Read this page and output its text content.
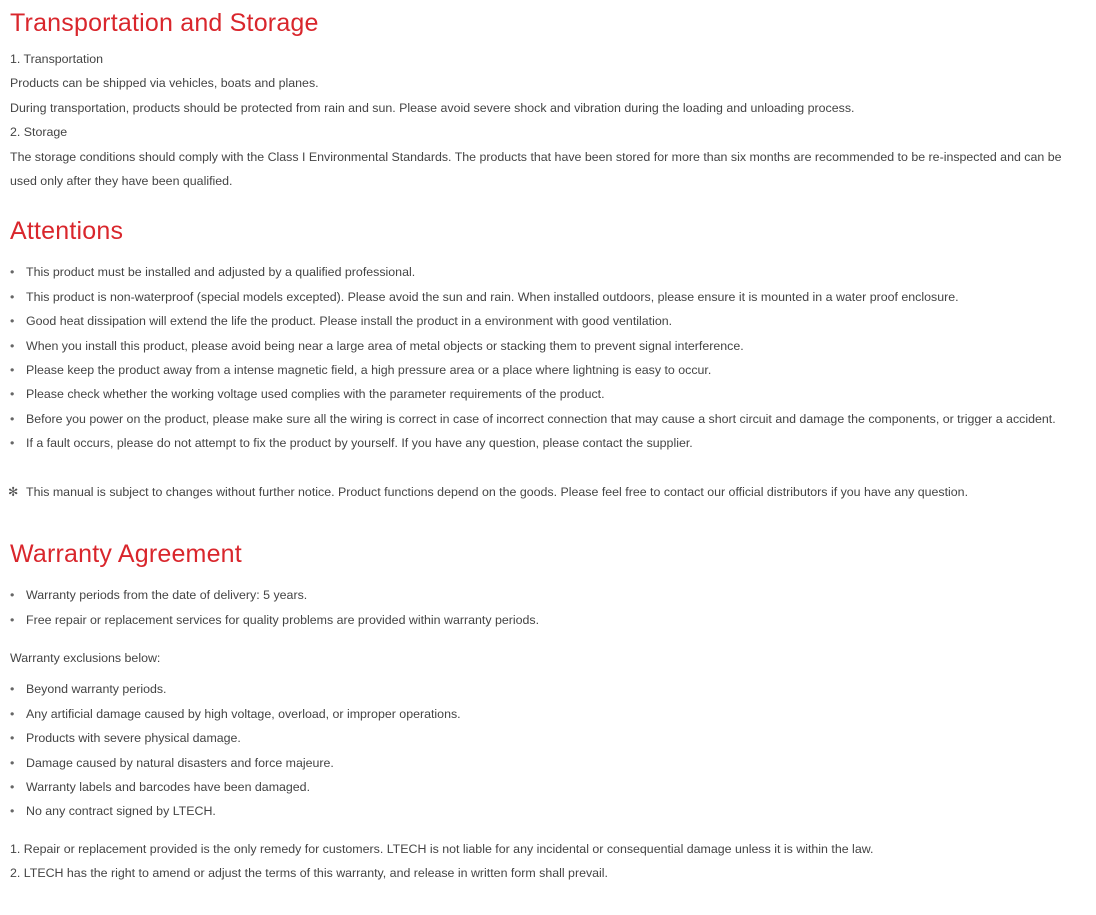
Transportation and Storage

1. Transportation

Products can be shipped via vehicles, boats and planes.

During transportation, products should be protected from rain and sun. Please avoid severe shock and vibration during the loading and unloading process.

2. Storage

The storage conditions should comply with the Class I Environmental Standards. The products that have been stored for more than six months are recommended to be re-inspected and can be used only after they have been qualified.

Attentions
• This product must be installed and adjusted by a qualified professional.
• This product is non-waterproof (special models excepted). Please avoid the sun and rain. When installed outdoors, please ensure it is mounted in a water proof enclosure.
• Good heat dissipation will extend the life the product. Please install the product in a environment with good ventilation.
• When you install this product, please avoid being near a large area of metal objects or stacking them to prevent signal interference.
• Please keep the product away from a intense magnetic field, a high pressure area or a place where lightning is easy to occur.
• Please check whether the working voltage used complies with the parameter requirements of the product.
• Before you power on the product, please make sure all the wiring is correct in case of incorrect connection that may cause a short circuit and damage the components, or trigger a accident.
• If a fault occurs, please do not attempt to fix the product by yourself. If you have any question, please contact the supplier.
✻ This manual is subject to changes without further notice. Product functions depend on the goods. Please feel free to contact our official distributors if you have any question.
Warranty Agreement
• Warranty periods from the date of delivery: 5 years.
• Free repair or replacement services for quality problems are provided within warranty periods.

Warranty exclusions below:

• Beyond warranty periods.
• Any artificial damage caused by high voltage, overload, or improper operations.
• Products with severe physical damage.
• Damage caused by natural disasters and force majeure.
• Warranty labels and barcodes have been damaged.
• No any contract signed by LTECH.

1. Repair or replacement provided is the only remedy for customers. LTECH is not liable for any incidental or consequential damage unless it is within the law.

2. LTECH has the right to amend or adjust the terms of this warranty, and release in written form shall prevail.
